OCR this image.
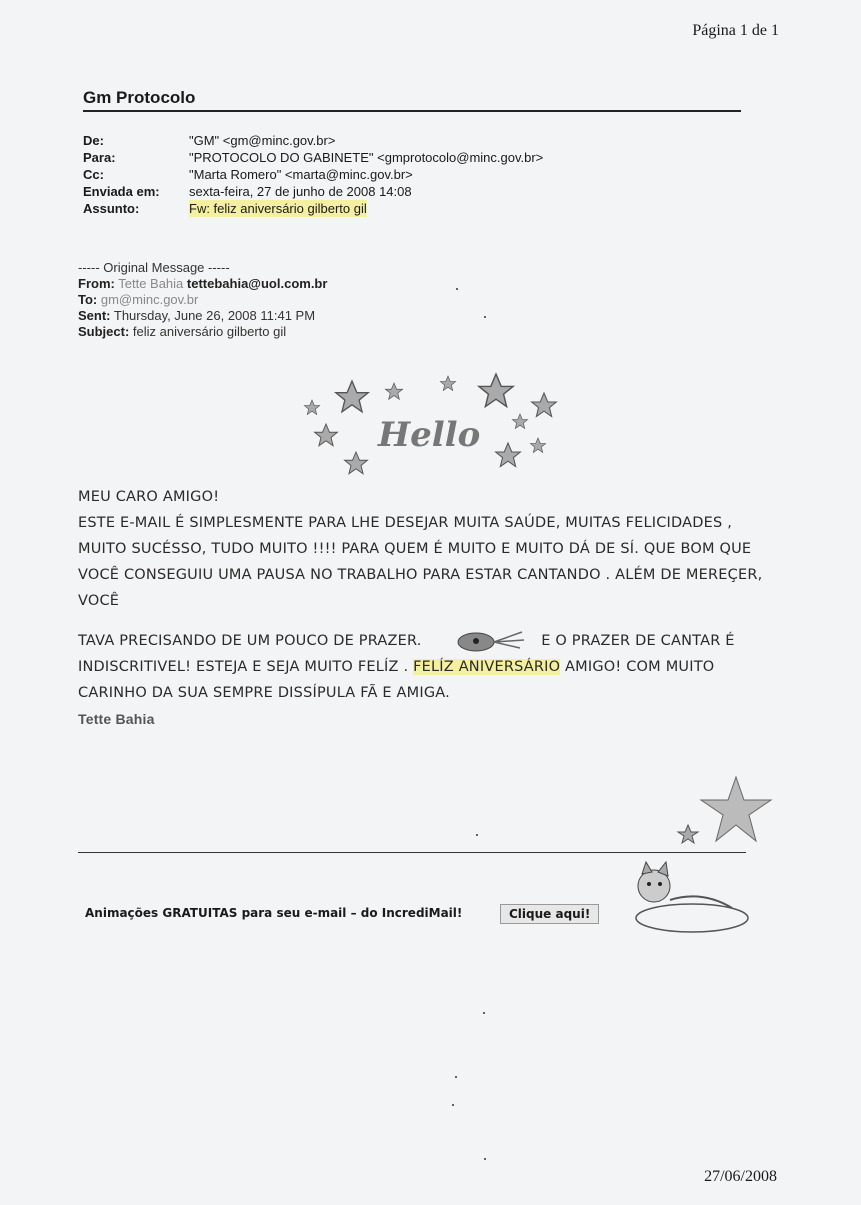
Página 1 de 1
Gm Protocolo
De:	"GM" <gm@minc.gov.br>
Para:	"PROTOCOLO DO GABINETE" <gmprotocolo@minc.gov.br>
Cc:	"Marta Romero" <marta@minc.gov.br>
Enviada em:	sexta-feira, 27 de junho de 2008 14:08
Assunto:	Fw: feliz aniversário gilberto gil
----- Original Message -----
From: Tette Bahia tettebahia@uol.com.br
To: gm@minc.gov.br
Sent: Thursday, June 26, 2008 11:41 PM
Subject: feliz aniversário gilberto gil
Hello

MEU CARO AMIGO!

ESTE E-MAIL É SIMPLESMENTE PARA LHE DESEJAR MUITA SAÚDE, MUITAS FELICIDADES , MUITO SUCÉSSO, TUDO MUITO !!!! PARA QUEM É MUITO E MUITO DÁ DE SÍ. QUE BOM QUE VOCÊ CONSEGUIU UMA PAUSA NO TRABALHO PARA ESTAR CANTANDO . ALÉM DE MEREÇER, VOCÊ

TAVA PRECISANDO DE UM POUCO DE PRAZER.	E O PRAZER DE CANTAR É INDISCRITIVEL! ESTEJA E SEJA MUITO FELÍZ . FELÍZ ANIVERSÁRIO AMIGO! COM MUITO CARINHO DA SUA SEMPRE DISSÍPULA FÃ E AMIGA.

Tette Bahia

Animações GRATUITAS para seu e-mail – do IncrediMail!	Clique aqui!
27/06/2008
